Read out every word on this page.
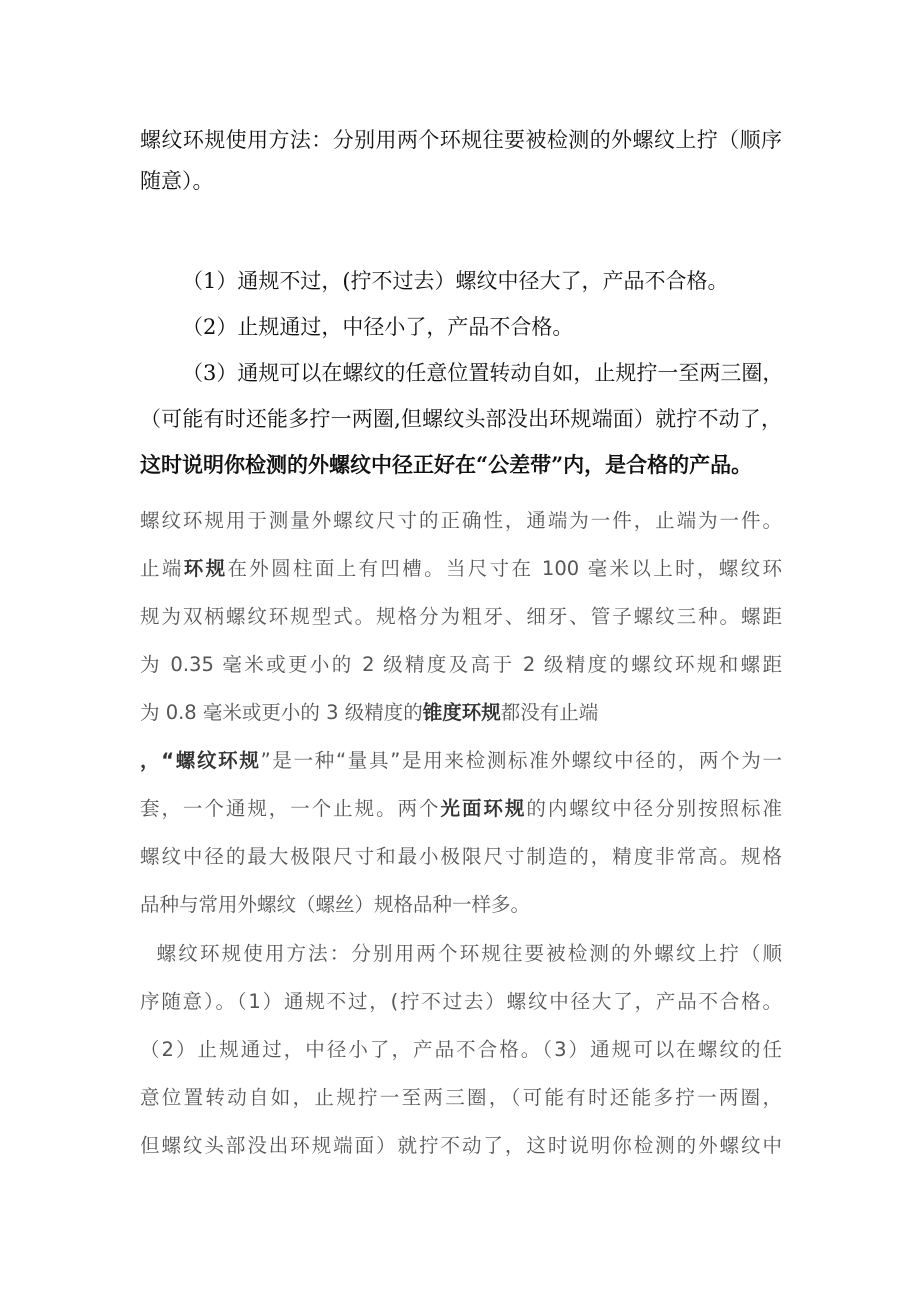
螺纹环规使用方法：分别用两个环规往要被检测的外螺纹上拧（顺序
随意）。
（1）通规不过，(拧不过去）螺纹中径大了，产品不合格。
（2）止规通过，中径小了，产品不合格。
（3）通规可以在螺纹的任意位置转动自如，止规拧一至两三圈，
（可能有时还能多拧一两圈,但螺纹头部没出环规端面）就拧不动了，
这时说明你检测的外螺纹中径正好在“公差带”内，是合格的产品。
螺纹环规用于测量外螺纹尺寸的正确性，通端为一件，止端为一件。
止端环规在外圆柱面上有凹槽。当尺寸在 100 毫米以上时，螺纹环
规为双柄螺纹环规型式。规格分为粗牙、细牙、管子螺纹三种。螺距
为 0.35 毫米或更小的 2 级精度及高于 2 级精度的螺纹环规和螺距
为 0.8 毫米或更小的 3 级精度的锥度环规都没有止端
，“螺纹环规”是一种“量具”是用来检测标准外螺纹中径的，两个为一
套，一个通规，一个止规。两个光面环规的内螺纹中径分别按照标准
螺纹中径的最大极限尺寸和最小极限尺寸制造的，精度非常高。规格
品种与常用外螺纹（螺丝）规格品种一样多。
螺纹环规使用方法：分别用两个环规往要被检测的外螺纹上拧（顺
序随意）。（1）通规不过，(拧不过去）螺纹中径大了，产品不合格。
（2）止规通过，中径小了，产品不合格。（3）通规可以在螺纹的任
意位置转动自如，止规拧一至两三圈，（可能有时还能多拧一两圈，
但螺纹头部没出环规端面）就拧不动了，这时说明你检测的外螺纹中
